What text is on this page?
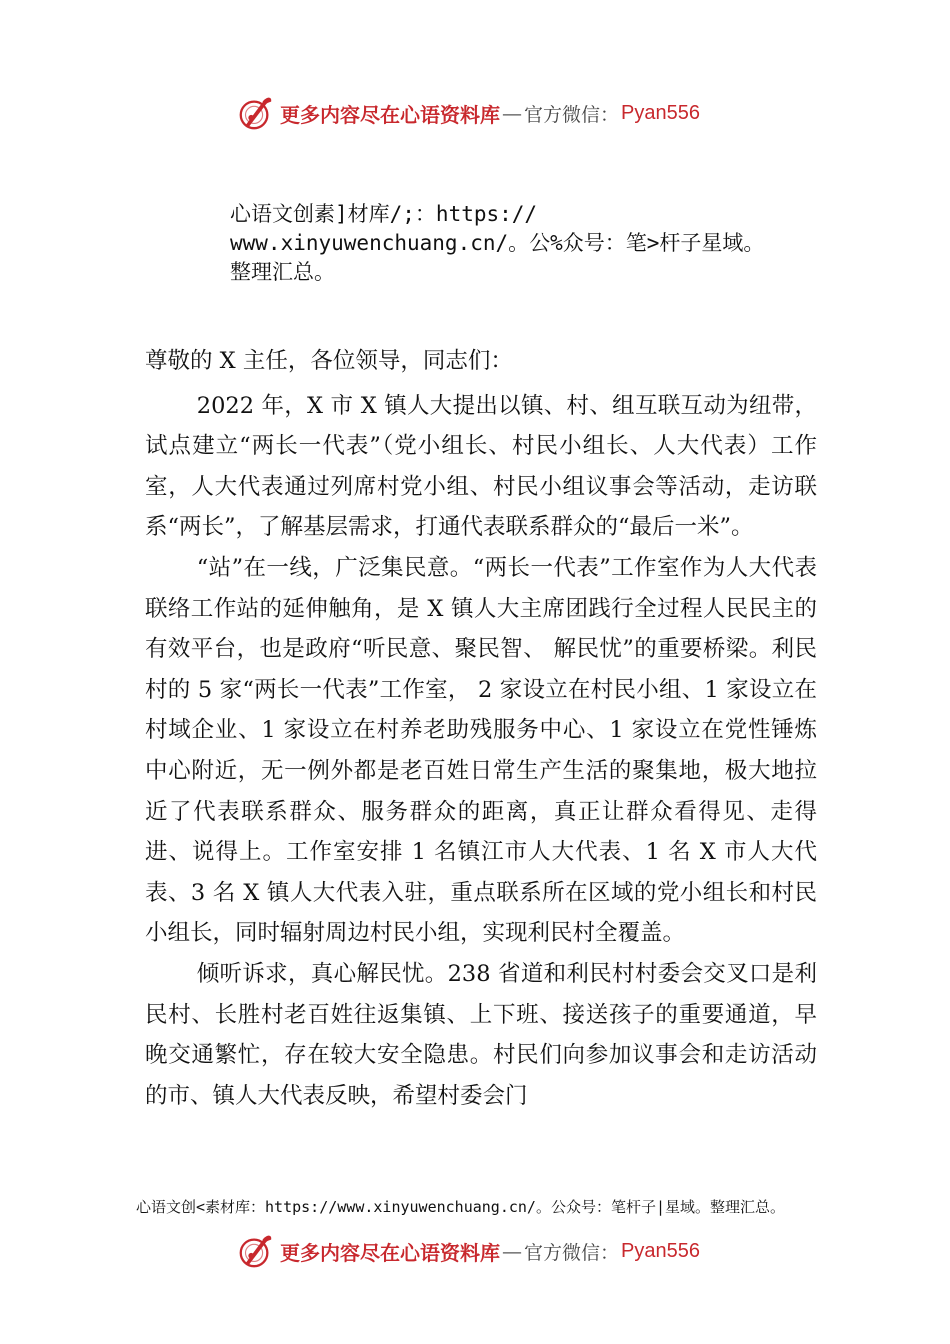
更多内容尽在心语资料库 — 官方微信： Pyan556
心语文创素]材库/;：https://
www.xinyuwenchuang.cn/。公%众号：笔>杆子星域。
整理汇总。

尊敬的 X 主任，各位领导，同志们：

2022 年，X 市 X 镇人大提出以镇、村、组互联互动为纽带，试点建立“两长一代表”（党小组长、村民小组长、人大代表）工作室，人大代表通过列席村党小组、村民小组议事会等活动，走访联系“两长”，了解基层需求，打通代表联系群众的“最后一米”。

“站”在一线，广泛集民意。“两长一代表”工作室作为人大代表联络工作站的延伸触角，是 X 镇人大主席团践行全过程人民民主的有效平台，也是政府“听民意、聚民智、 解民忧”的重要桥梁。利民村的 5 家“两长一代表”工作室， 2 家设立在村民小组、1 家设立在村域企业、1 家设立在村养老助残服务中心、1 家设立在党性锤炼中心附近，无一例外都是老百姓日常生产生活的聚集地，极大地拉近了代表联系群众、服务群众的距离，真正让群众看得见、走得进、说得上。工作室安排 1 名镇江市人大代表、1 名 X 市人大代表、3 名 X 镇人大代表入驻，重点联系所在区域的党小组长和村民小组长，同时辐射周边村民小组，实现利民村全覆盖。

倾听诉求，真心解民忧。238 省道和利民村村委会交叉口是利民村、长胜村老百姓往返集镇、上下班、接送孩子的重要通道，早晚交通繁忙，存在较大安全隐患。村民们向参加议事会和走访活动的市、镇人大代表反映，希望村委会门

心语文创<素材库：https://www.xinyuwenchuang.cn/。公众号：笔杆子|星域。整理汇总。
更多内容尽在心语资料库 — 官方微信： Pyan556
